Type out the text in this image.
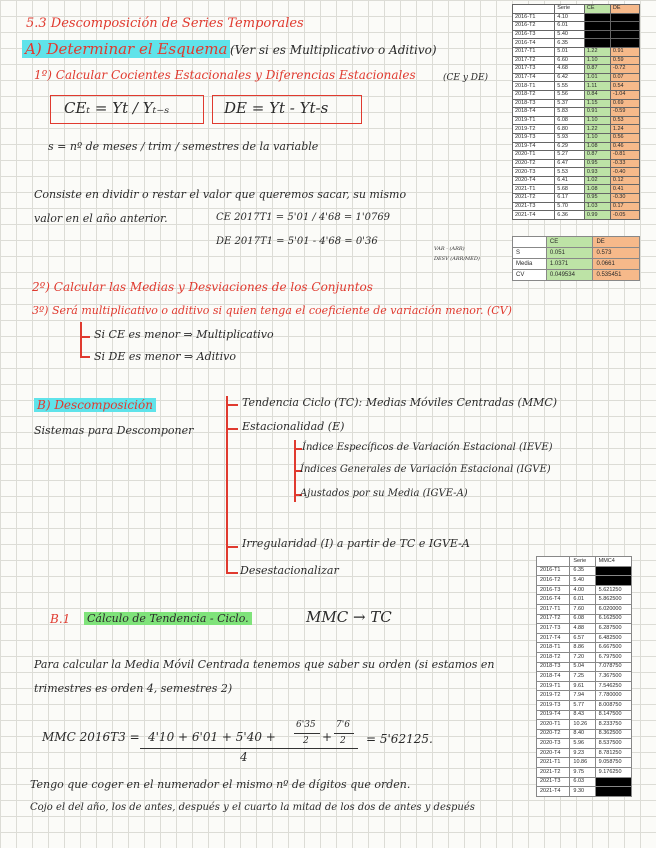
5.3 Descomposición de Series Temporales
A) Determinar el Esquema (Ver si es Multiplicativo o Aditivo)
1º) Calcular Cocientes Estacionales y Diferencias Estacionales	(CE y DE)
CEₜ = Yt / Yₜ₋ₛ	DE = Yt - Yt-s
s = nº de meses / trim / semestres de la variable
Consiste en dividir o restar el valor que queremos sacar, su mismo
valor en el año anterior.	CE 2017T1 = 5'01 / 4'68 = 1'0769
DE 2017T1 = 5'01 - 4'68 = 0'36
VAR - (ARR)
DESV (ARR/MED)
2º) Calcular las Medias y Desviaciones de los Conjuntos
3º) Será multiplicativo o aditivo si quien tenga el coeficiente de variación menor. (CV)
Si CE es menor ⇒ Multiplicativo
Si DE es menor ⇒ Aditivo
B) Descomposición
Sistemas para Descomponer
Tendencia Ciclo (TC): Medias Móviles Centradas (MMC)
Estacionalidad (E)
Índice Específicos de Variación Estacional (IEVE)
Índices Generales de Variación Estacional (IGVE)
Ajustados por su Media (IGVE-A)
Irregularidad (I) a partir de TC e IGVE-A
Desestacionalizar
B.1 Cálculo de Tendencia - Ciclo.	MMC → TC
Para calcular la Media Móvil Centrada tenemos que saber su orden (si estamos en
trimestres es orden 4, semestres 2)
MMC 2016T3 = 4'10 + 6'01 + 5'40 +
6'35
2 +
7'6
2
4
= 5'62125.
Tengo que coger en el numerador el mismo nº de dígitos que orden.
Cojo el del año, los de antes, después y el cuarto la mitad de los dos de antes y después
	Serie	CE	DE
2016-T1	4.10		
2016-T2	6.01		
2016-T3	5.40		
2016-T4	6.35		
2017-T1	5.01	1.22	0.91
2017-T2	6.60	1.10	0.59
2017-T3	4.68	0.87	-0.72
2017-T4	6.42	1.01	0.07
2018-T1	5.55	1.11	0.54
2018-T2	5.56	0.84	-1.04
2018-T3	5.37	1.15	0.69
2018-T4	5.83	0.91	-0.59
2019-T1	6.08	1.10	0.53
2019-T2	6.80	1.22	1.24
2019-T3	5.93	1.10	0.56
2019-T4	6.29	1.08	0.46
2020-T1	5.27	0.87	-0.81
2020-T2	6.47	0.95	-0.33
2020-T3	5.53	0.93	-0.40
2020-T4	6.41	1.02	0.12
2021-T1	5.68	1.08	0.41
2021-T2	6.17	0.95	-0.30
2021-T3	5.70	1.03	0.17
2021-T4	6.36	0.99	-0.05
	CE	DE
S	0.051	0.573
Media	1.0371	0.0661
CV	0.049534	0.535451
	Serie	MMC4
2016-T1	6.35	
2016-T2	5.40	
2016-T3	4.00	5.621250
2016-T4	6.01	5.862500
2017-T1	7.60	6.020000
2017-T2	6.08	6.162500
2017-T3	4.88	6.287500
2017-T4	6.57	6.482500
2018-T1	8.86	6.667500
2018-T2	7.20	6.797500
2018-T3	5.04	7.078750
2018-T4	7.25	7.367500
2019-T1	9.61	7.546250
2019-T2	7.94	7.780000
2019-T3	5.77	8.008750
2019-T4	8.43	8.147500
2020-T1	10.26	8.233750
2020-T2	8.40	8.362500
2020-T3	5.96	8.537500
2020-T4	9.23	8.781250
2021-T1	10.86	9.058750
2021-T2	9.75	9.176250
2021-T3	6.03	
2021-T4	9.30	
